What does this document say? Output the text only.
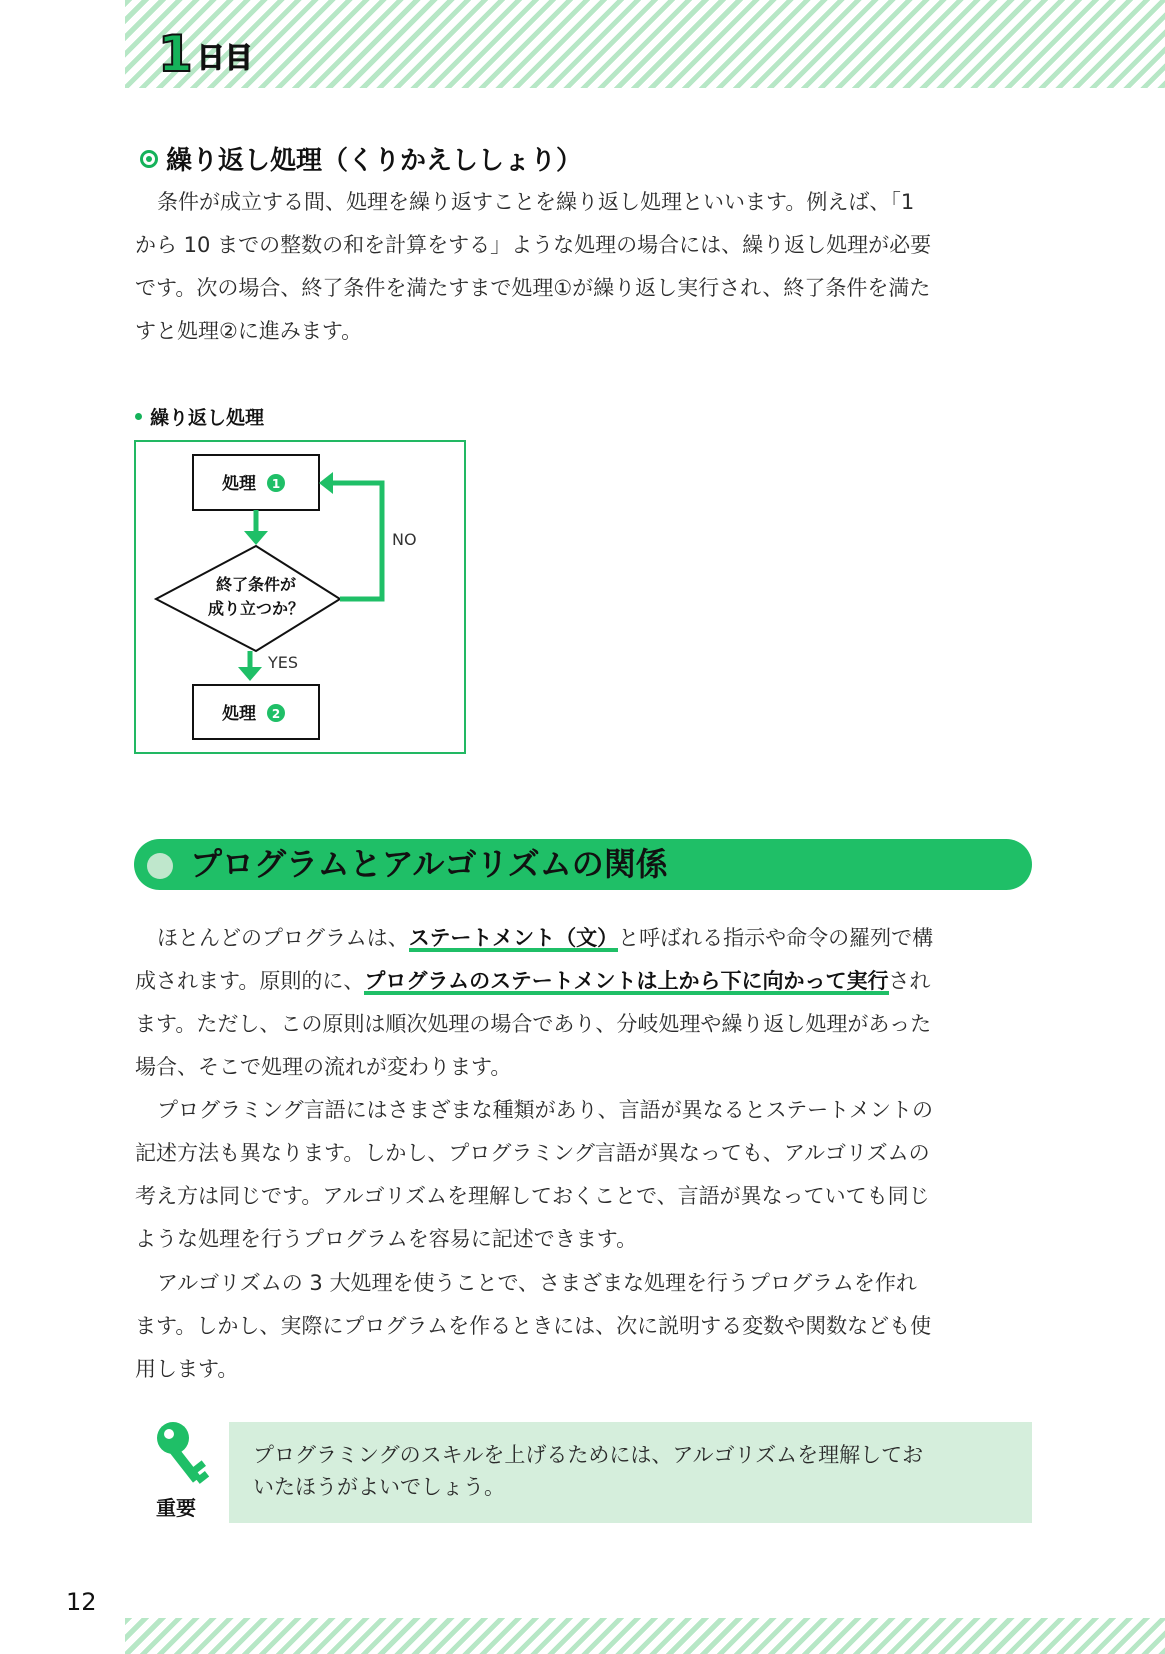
1 日目
繰り返し処理（くりかえししょり）
条件が成立する間、処理を繰り返すことを繰り返し処理といいます。例えば、「1
から 10 までの整数の和を計算をする」ような処理の場合には、繰り返し処理が必要
です。次の場合、終了条件を満たすまで処理①が繰り返し実行され、終了条件を満た
すと処理②に進みます。
繰り返し処理
処理 1
終了条件が
成り立つか？
NO
YES
処理 2
プログラムとアルゴリズムの関係
ほとんどのプログラムは、ステートメント（文）と呼ばれる指示や命令の羅列で構
成されます。原則的に、プログラムのステートメントは上から下に向かって実行され
ます。ただし、この原則は順次処理の場合であり、分岐処理や繰り返し処理があった
場合、そこで処理の流れが変わります。
プログラミング言語にはさまざまな種類があり、言語が異なるとステートメントの
記述方法も異なります。しかし、プログラミング言語が異なっても、アルゴリズムの
考え方は同じです。アルゴリズムを理解しておくことで、言語が異なっていても同じ
ような処理を行うプログラムを容易に記述できます。
アルゴリズムの 3 大処理を使うことで、さまざまな処理を行うプログラムを作れ
ます。しかし、実際にプログラムを作るときには、次に説明する変数や関数なども使
用します。
重要
プログラミングのスキルを上げるためには、アルゴリズムを理解してお
いたほうがよいでしょう。
12
